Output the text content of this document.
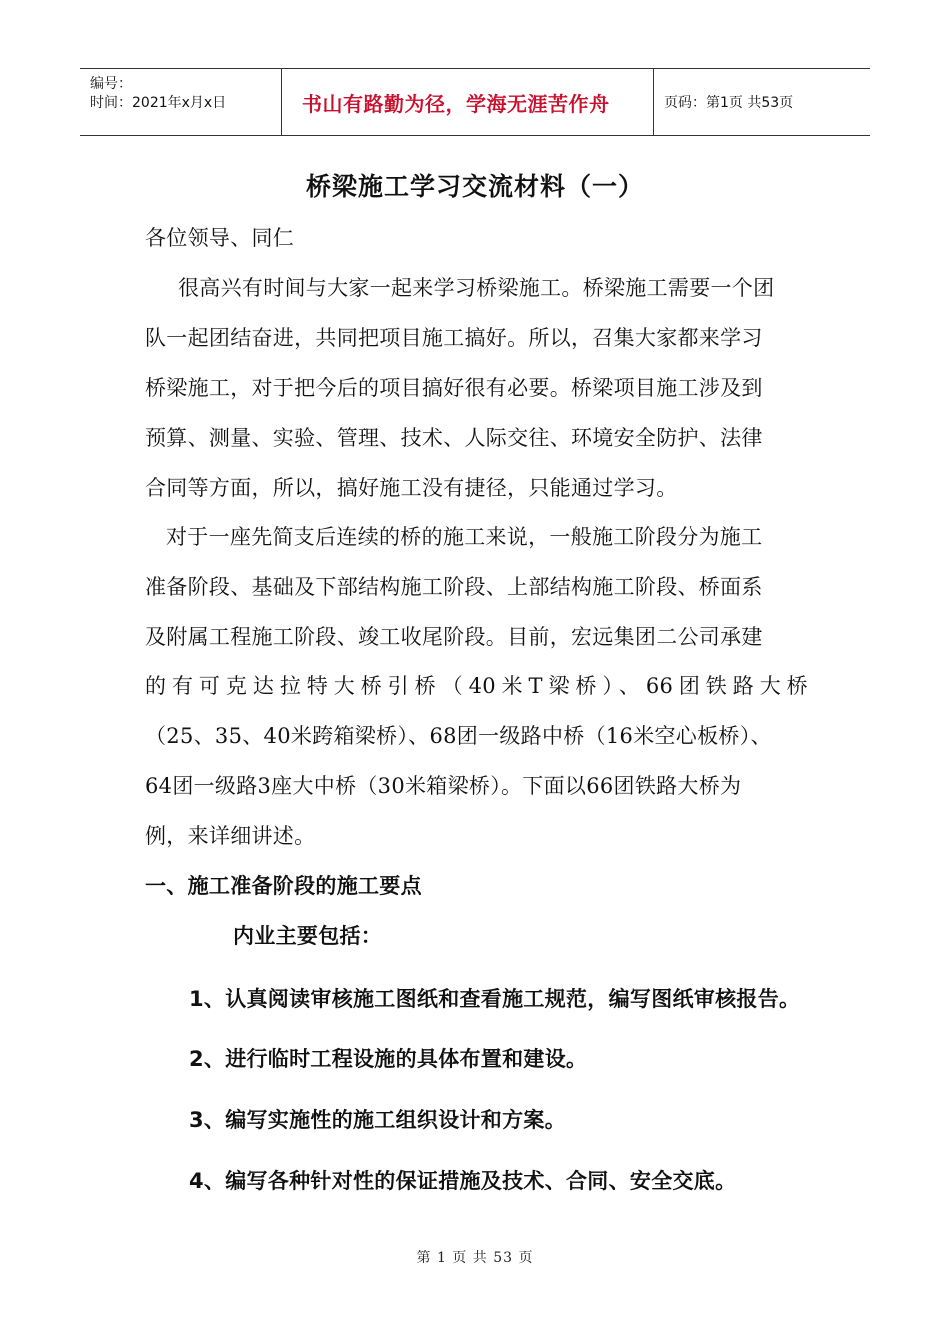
编号：
时间：2021年x月x日	书山有路勤为径，学海无涯苦作舟	页码：第1页 共53页
桥梁施工学习交流材料（一）
各位领导、同仁
很高兴有时间与大家一起来学习桥梁施工。桥梁施工需要一个团
队一起团结奋进，共同把项目施工搞好。所以，召集大家都来学习
桥梁施工，对于把今后的项目搞好很有必要。桥梁项目施工涉及到
预算、测量、实验、管理、技术、人际交往、环境安全防护、法律
合同等方面，所以，搞好施工没有捷径，只能通过学习。
对于一座先简支后连续的桥的施工来说，一般施工阶段分为施工
准备阶段、基础及下部结构施工阶段、上部结构施工阶段、桥面系
及附属工程施工阶段、竣工收尾阶段。目前，宏远集团二公司承建
的有可克达拉特大桥引桥（40米T梁桥）、66团铁路大桥
（25、35、40米跨箱梁桥）、68团一级路中桥（16米空心板桥）、
64团一级路3座大中桥（30米箱梁桥）。下面以66团铁路大桥为
例，来详细讲述。
一、施工准备阶段的施工要点
内业主要包括：
1、认真阅读审核施工图纸和查看施工规范，编写图纸审核报告。
2、进行临时工程设施的具体布置和建设。
3、编写实施性的施工组织设计和方案。
4、编写各种针对性的保证措施及技术、合同、安全交底。
第 1 页 共 53 页
